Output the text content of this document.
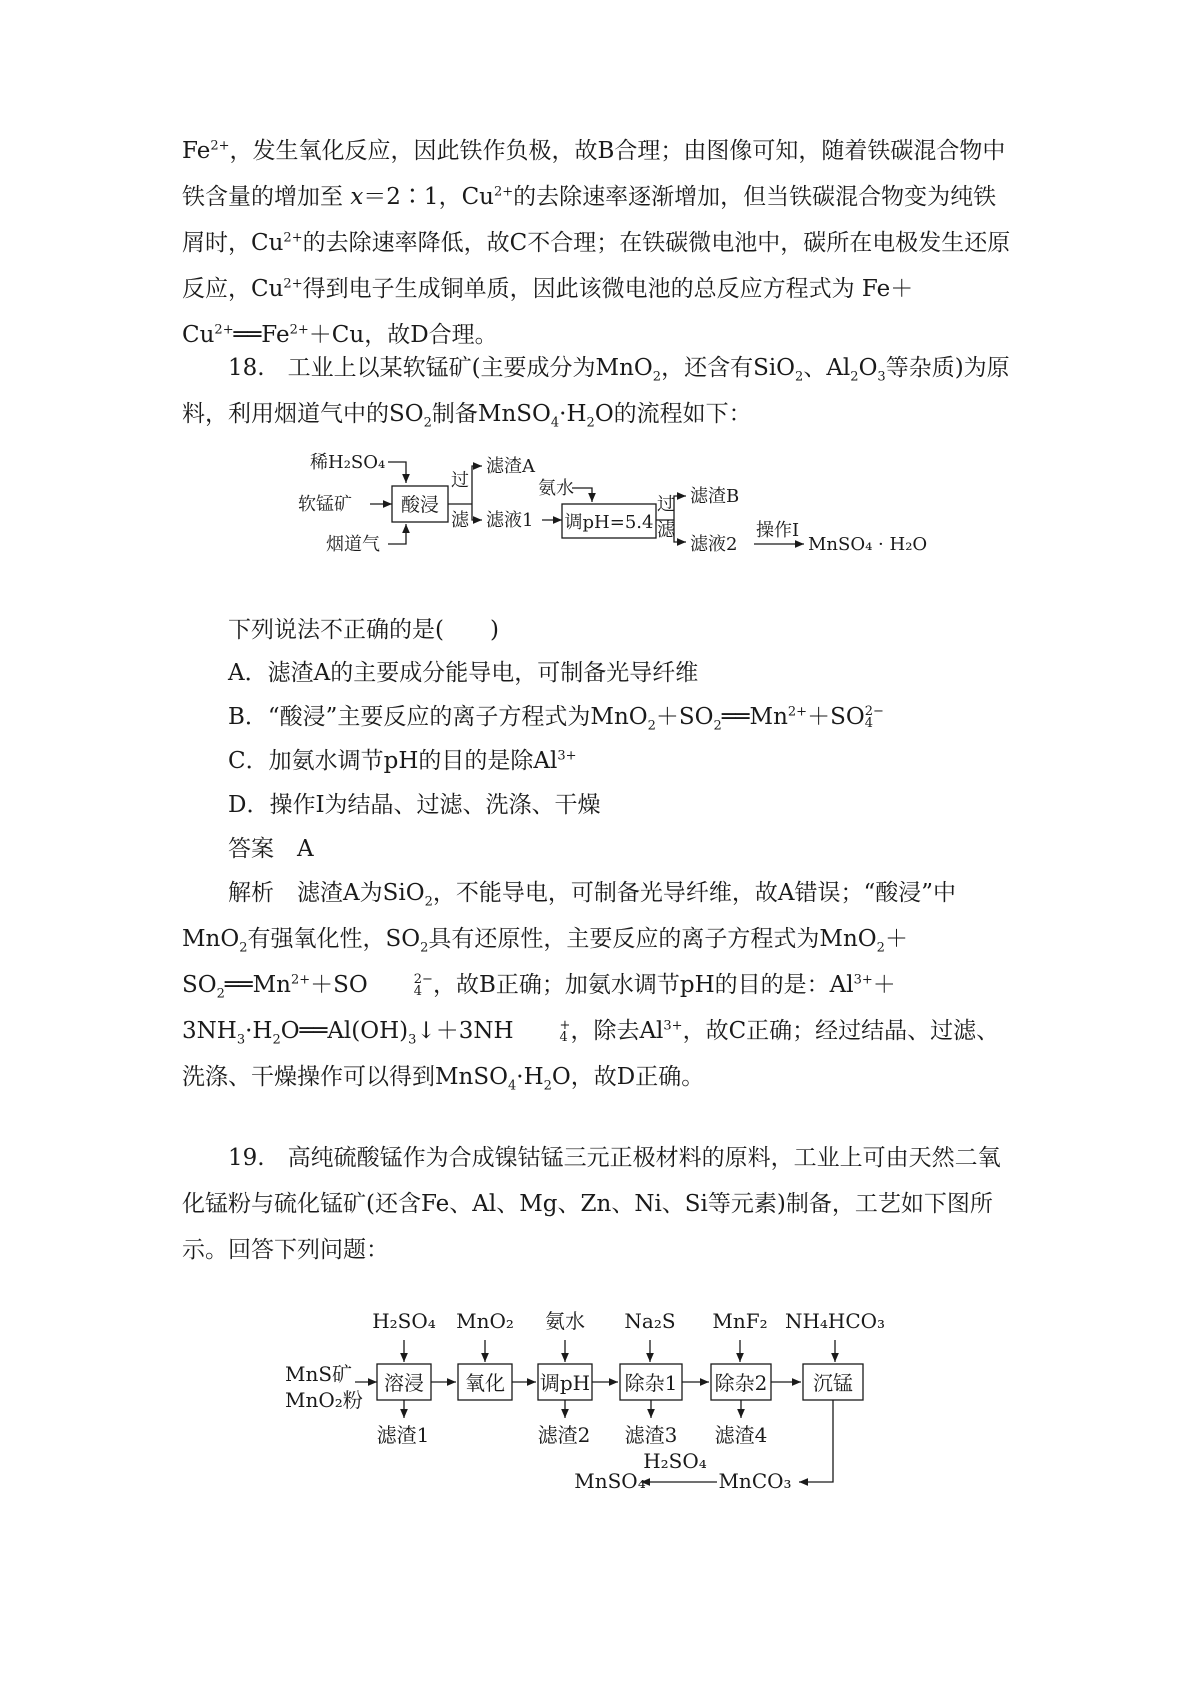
$Fe^{2+}$，发生氧化反应，因此铁作负极，故B合理；由图像可知，随着铁碳混合物中铁含量的增加至 x＝2∶1，$Cu^{2+}$的去除速率逐渐增加，但当铁碳混合物变为纯铁屑时，$Cu^{2+}$的去除速率降低，故C不合理；在铁碳微电池中，碳所在电极发生还原反应，$Cu^{2+}$得到电子生成铜单质，因此该微电池的总反应方程式为 $Fe+Cu^{2+}══Fe^{2+}+Cu$，故D合理。

18.　工业上以某软锰矿(主要成分为MnO$_2$，还含有SiO$_2$、$Al_2O_3$等杂质)为原料，利用烟道气中的$SO_2$制备$MnSO_4\cdot H_2O$的流程如下：

稀H₂SO₄
软锰矿
烟道气
酸浸
过
滤
滤渣A
滤液1
氨水
调pH=5.4
过
滤
滤渣B
滤液2
操作Ⅰ
MnSO₄ · H₂O

下列说法不正确的是(　　)

A．滤渣A的主要成分能导电，可制备光导纤维

B．“酸浸”主要反应的离子方程式为$MnO_2+SO_2══Mn^{2+}+SO$ 2−
4

C．加氨水调节pH的目的是除$Al^{3+}$

D．操作Ⅰ为结晶、过滤、洗涤、干燥

答案　A

解析　滤渣A为SiO$_2$，不能导电，可制备光导纤维，故A错误；“酸浸”中MnO$_2$有强氧化性，$SO_2$具有还原性，主要反应的离子方程式为$MnO_2+SO_2══Mn^{2+}+SO$	2−
4 ，故B正确；加氨水调节pH的目的是：$Al^{3+}+3NH_3\cdot H_2O══Al(OH)_3↓+3NH$	+
4 ，除去$Al^{3+}$，故C正确；经过结晶、过滤、洗涤、干燥操作可以得到$MnSO_4\cdot H_2O$，故D正确。

19.　高纯硫酸锰作为合成镍钴锰三元正极材料的原料，工业上可由天然二氧化锰粉与硫化锰矿(还含Fe、Al、Mg、Zn、Ni、Si等元素)制备，工艺如下图所示。回答下列问题：

MnS矿
MnO₂粉
H₂SO₄ MnO₂ 氨水 Na₂S MnF₂ NH₄HCO₃
溶浸 氧化 调pH 除杂1 除杂2 沉锰
滤渣1	滤渣2 滤渣3 滤渣4
MnCO₃
H₂SO₄
MnSO₄
